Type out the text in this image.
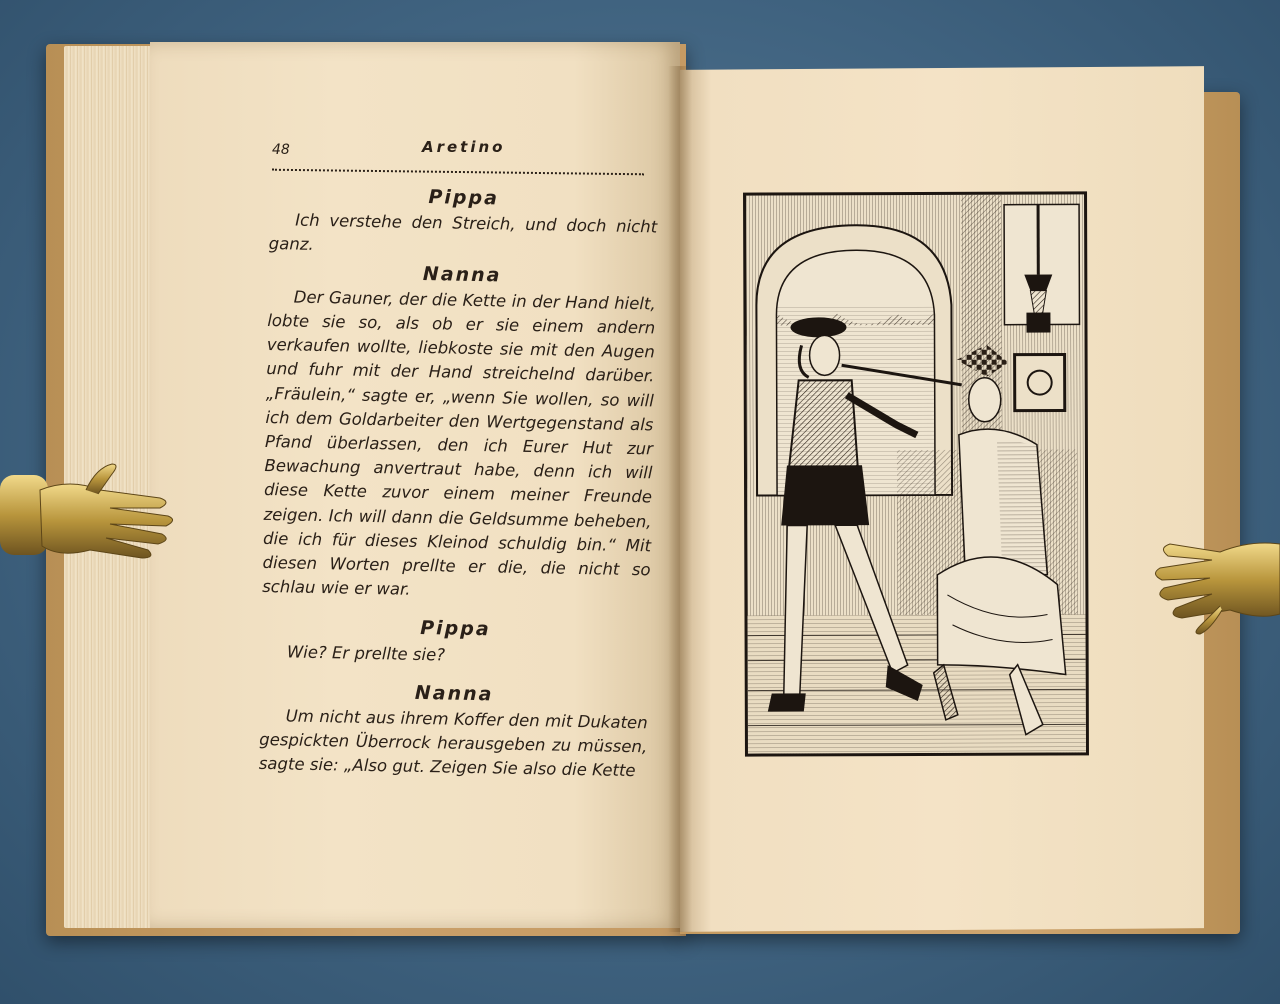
48	Aretino
Pippa

Ich verstehe den Streich, und doch nicht ganz.

Nanna

Der Gauner, der die Kette in der Hand hielt, lobte sie so, als ob er sie einem andern verkaufen wollte, liebkoste sie mit den Augen und fuhr mit der Hand streichelnd darüber. „Fräulein,“ sagte er, „wenn Sie wollen, so will ich dem Goldarbeiter den Wertgegenstand als Pfand überlassen, den ich Eurer Hut zur Bewachung anvertraut habe, denn ich will diese Kette zuvor einem meiner Freunde zeigen. Ich will dann die Geldsumme beheben, die ich für dieses Kleinod schuldig bin.“ Mit diesen Worten prellte er die, die nicht so schlau wie er war.

Pippa

Wie? Er prellte sie?

Nanna

Um nicht aus ihrem Koffer den mit Dukaten gespickten Überrock herausgeben zu müssen, sagte sie: „Also gut. Zeigen Sie also die Kette
